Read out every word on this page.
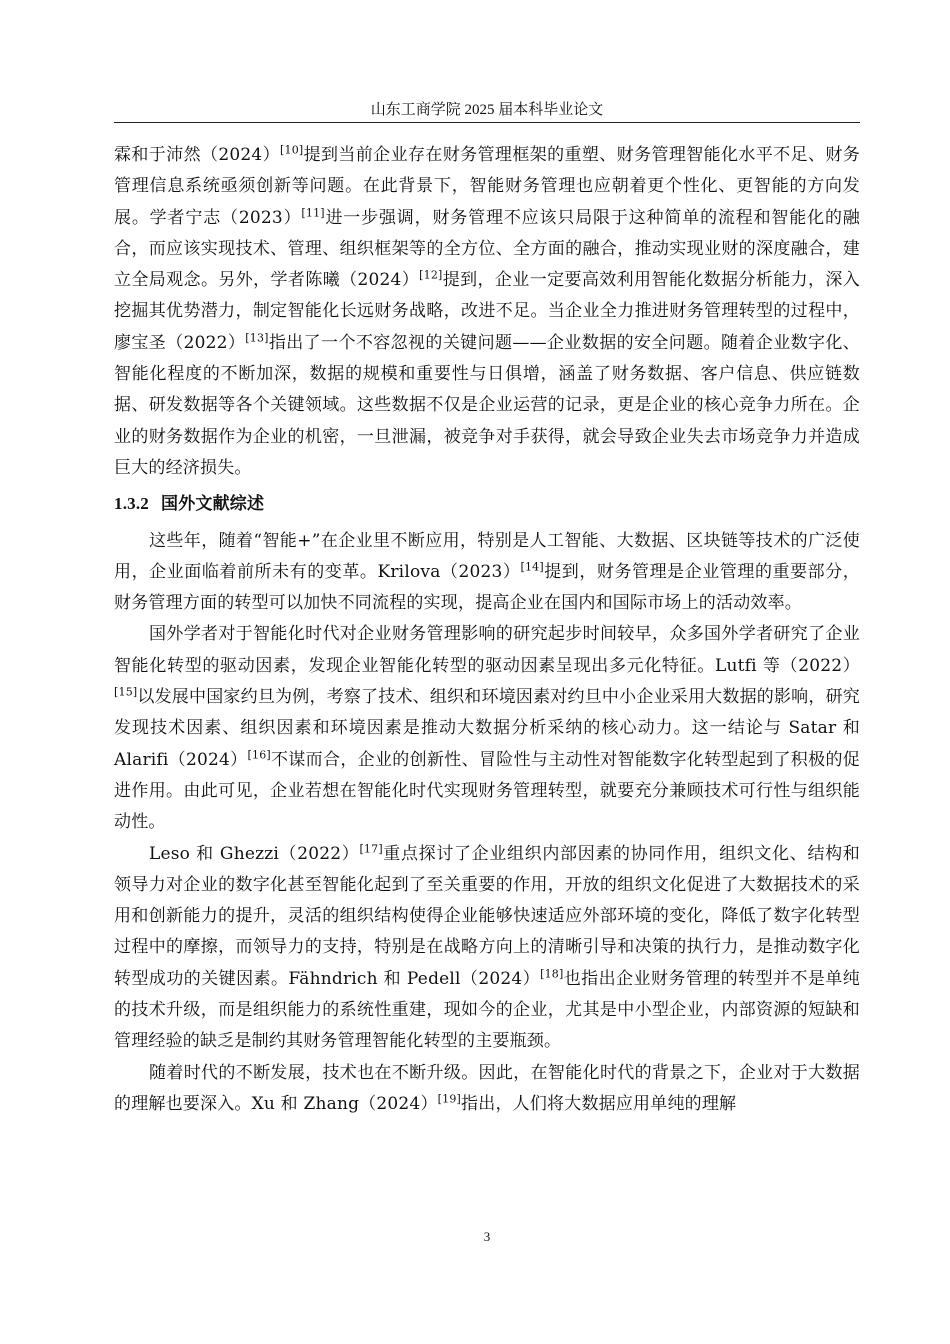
山东工商学院 2025 届本科毕业论文

霖和于沛然（2024）[10]提到当前企业存在财务管理框架的重塑、财务管理智能化水平不足、财务管理信息系统亟须创新等问题。在此背景下，智能财务管理也应朝着更个性化、更智能的方向发展。学者宁志（2023）[11]进一步强调，财务管理不应该只局限于这种简单的流程和智能化的融合，而应该实现技术、管理、组织框架等的全方位、全方面的融合，推动实现业财的深度融合，建立全局观念。另外，学者陈曦（2024）[12]提到，企业一定要高效利用智能化数据分析能力，深入挖掘其优势潜力，制定智能化长远财务战略，改进不足。当企业全力推进财务管理转型的过程中，廖宝圣（2022）[13]指出了一个不容忽视的关键问题——企业数据的安全问题。随着企业数字化、智能化程度的不断加深，数据的规模和重要性与日俱增，涵盖了财务数据、客户信息、供应链数据、研发数据等各个关键领域。这些数据不仅是企业运营的记录，更是企业的核心竞争力所在。企业的财务数据作为企业的机密，一旦泄漏，被竞争对手获得，就会导致企业失去市场竞争力并造成巨大的经济损失。

1.3.2 国外文献综述

这些年，随着“智能+”在企业里不断应用，特别是人工智能、大数据、区块链等技术的广泛使用，企业面临着前所未有的变革。Krilova（2023）[14]提到，财务管理是企业管理的重要部分，财务管理方面的转型可以加快不同流程的实现，提高企业在国内和国际市场上的活动效率。

国外学者对于智能化时代对企业财务管理影响的研究起步时间较早，众多国外学者研究了企业智能化转型的驱动因素，发现企业智能化转型的驱动因素呈现出多元化特征。Lutfi 等（2022）[15]以发展中国家约旦为例，考察了技术、组织和环境因素对约旦中小企业采用大数据的影响，研究发现技术因素、组织因素和环境因素是推动大数据分析采纳的核心动力。这一结论与 Satar 和 Alarifi（2024）[16]不谋而合，企业的创新性、冒险性与主动性对智能数字化转型起到了积极的促进作用。由此可见，企业若想在智能化时代实现财务管理转型，就要充分兼顾技术可行性与组织能动性。

Leso 和 Ghezzi（2022）[17]重点探讨了企业组织内部因素的协同作用，组织文化、结构和领导力对企业的数字化甚至智能化起到了至关重要的作用，开放的组织文化促进了大数据技术的采用和创新能力的提升，灵活的组织结构使得企业能够快速适应外部环境的变化，降低了数字化转型过程中的摩擦，而领导力的支持，特别是在战略方向上的清晰引导和决策的执行力，是推动数字化转型成功的关键因素。Fähndrich 和 Pedell（2024）[18]也指出企业财务管理的转型并不是单纯的技术升级，而是组织能力的系统性重建，现如今的企业，尤其是中小型企业，内部资源的短缺和管理经验的缺乏是制约其财务管理智能化转型的主要瓶颈。

随着时代的不断发展，技术也在不断升级。因此，在智能化时代的背景之下，企业对于大数据的理解也要深入。Xu 和 Zhang（2024）[19]指出，人们将大数据应用单纯的理解

3
